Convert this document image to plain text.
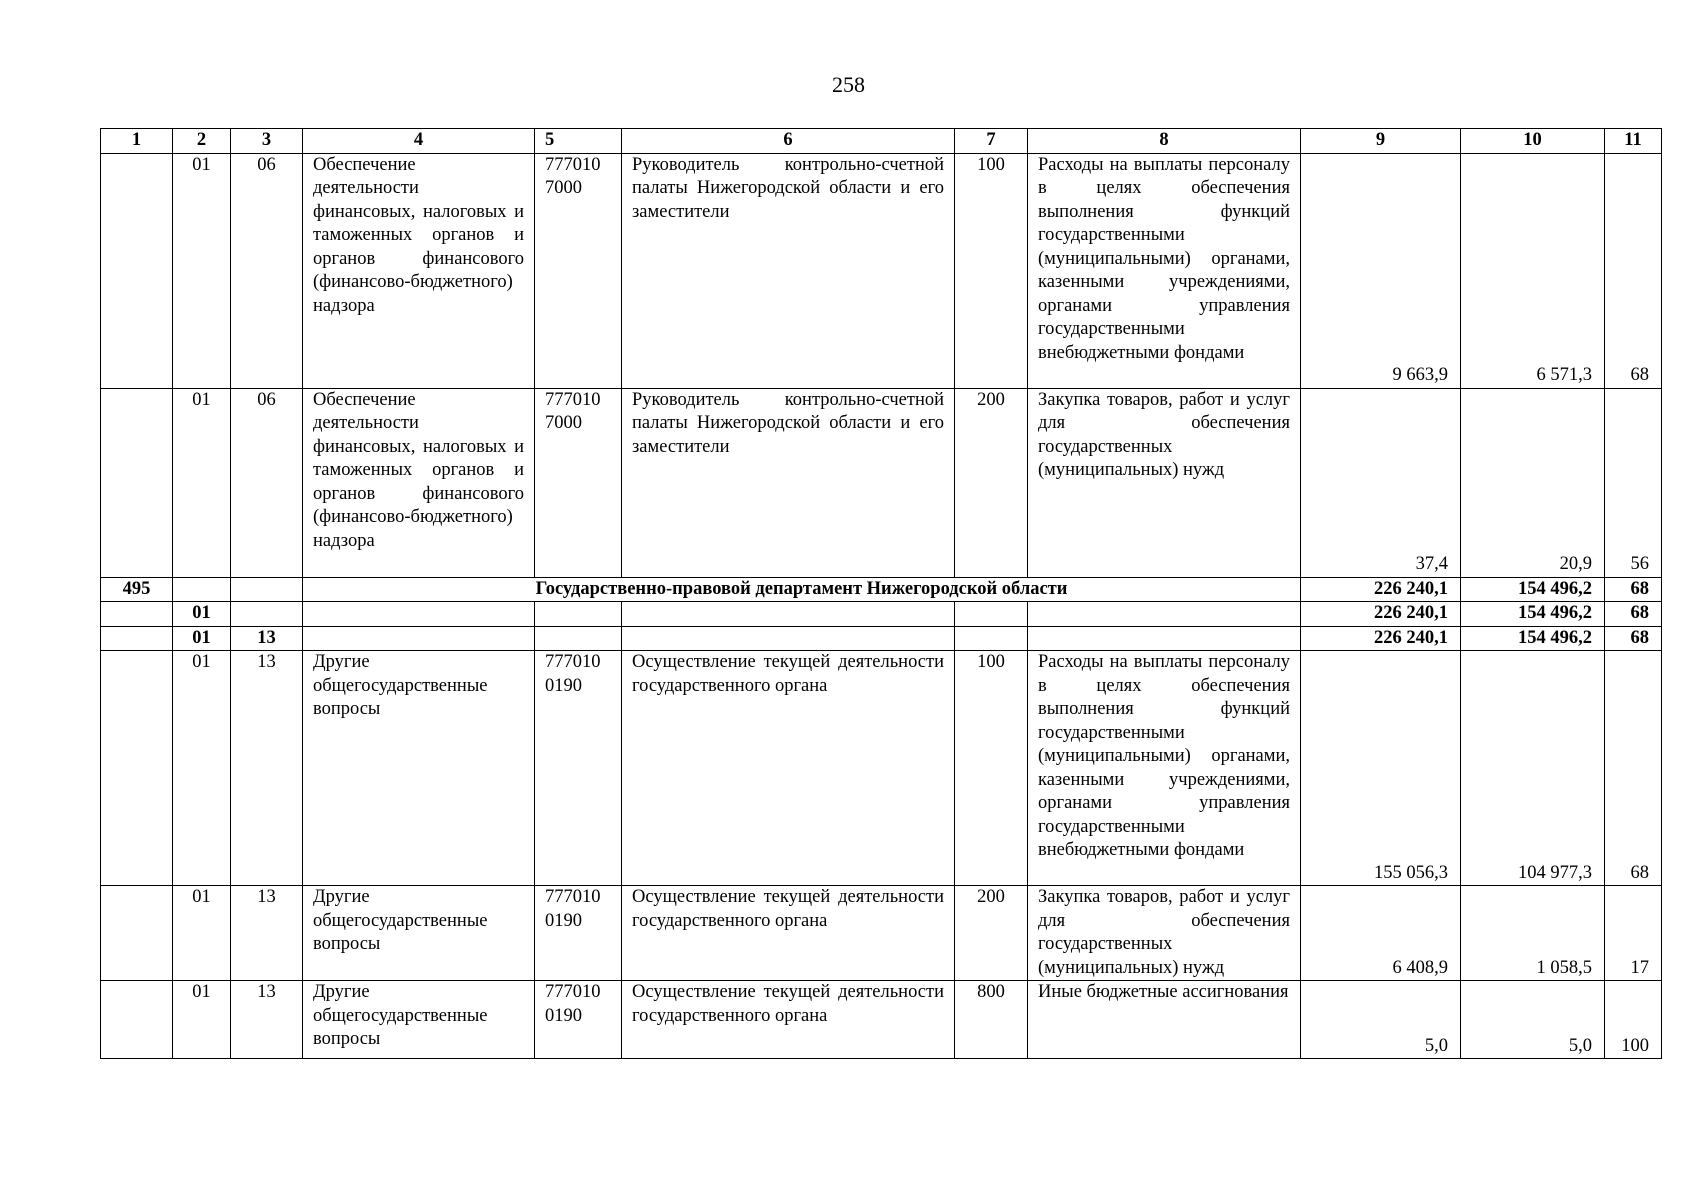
258
1	2	3	4	5	6	7	8	9	10	11
	01	06	Обеспечение деятельности финансовых, налоговых и таможенных органов и органов финансового (финансово-бюджетного) надзора	777010 7000	Руководитель контрольно-счетной палаты Нижегородской области и его заместители	100	Расходы на выплаты персоналу в целях обеспечения выполнения функций государственными (муниципальными) органами, казенными учреждениями, органами управления государственными внебюджетными фондами	9 663,9	6 571,3	68
	01	06	Обеспечение деятельности финансовых, налоговых и таможенных органов и органов финансового (финансово-бюджетного) надзора	777010 7000	Руководитель контрольно-счетной палаты Нижегородской области и его заместители	200	Закупка товаров, работ и услуг для обеспечения государственных (муниципальных) нужд	37,4	20,9	56
495			Государственно-правовой департамент Нижегородской области					226 240,1	154 496,2	68
	01							226 240,1	154 496,2	68
	01	13						226 240,1	154 496,2	68
	01	13	Другие общегосударственные вопросы	777010 0190	Осуществление текущей деятельности государственного органа	100	Расходы на выплаты персоналу в целях обеспечения выполнения функций государственными (муниципальными) органами, казенными учреждениями, органами управления государственными внебюджетными фондами	155 056,3	104 977,3	68
	01	13	Другие общегосударственные вопросы	777010 0190	Осуществление текущей деятельности государственного органа	200	Закупка товаров, работ и услуг для обеспечения государственных (муниципальных) нужд	6 408,9	1 058,5	17
	01	13	Другие общегосударственные вопросы	777010 0190	Осуществление текущей деятельности государственного органа	800	Иные бюджетные ассигнования	5,0	5,0	100
